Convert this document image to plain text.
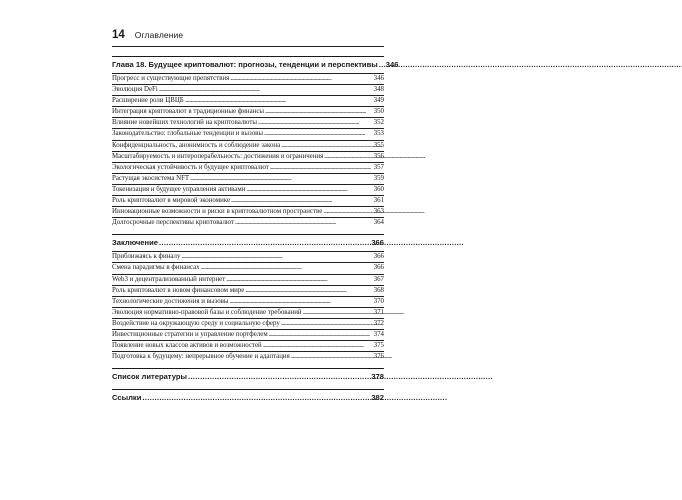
14 Оглавление
Глава 18. Будущее криптовалют: прогнозы, тенденции и перспективы . . . 346
Прогресс и существующие препятствия . . .	346
Эволюция DeFi . . .	348
Расширение роли ЦВЦБ . . .	349
Интеграция криптовалют в традиционные финансы . . .	350
Влияние новейших технологий на криптовалюты . . .	352
Законодательство: глобальные тенденции и вызовы . . .	353
Конфиденциальность, анонимность и соблюдение закона . . .	355
Масштабируемость и интероперабельность: достижения и ограничения . . .	356
Экологическая устойчивость и будущее криптовалют . . .	357
Растущая экосистема NFT . . .	359
Токенизация и будущее управления активами . . .	360
Роль криптовалют в мировой экономике . . .	361
Инновационные возможности и риски в криптовалютном пространстве . . .	363
Долгосрочные перспективы криптовалют . . .	364
Заключение . . .	366
Приближаясь к финалу . . .	366
Смена парадигмы в финансах . . .	366
Web3 и децентрализованный интернет . . .	367
Роль криптовалют в новом финансовом мире . . .	368
Технологические достижения и вызовы . . .	370
Эволюция нормативно-правовой базы и соблюдение требований . . .	371
Воздействие на окружающую среду и социальную сферу . . .	372
Инвестиционные стратегии и управление портфелем . . .	374
Появление новых классов активов и возможностей . . .	375
Подготовка к будущему: непрерывное обучение и адаптация . . .	376
Список литературы . . .	378
Ссылки . . .	382
